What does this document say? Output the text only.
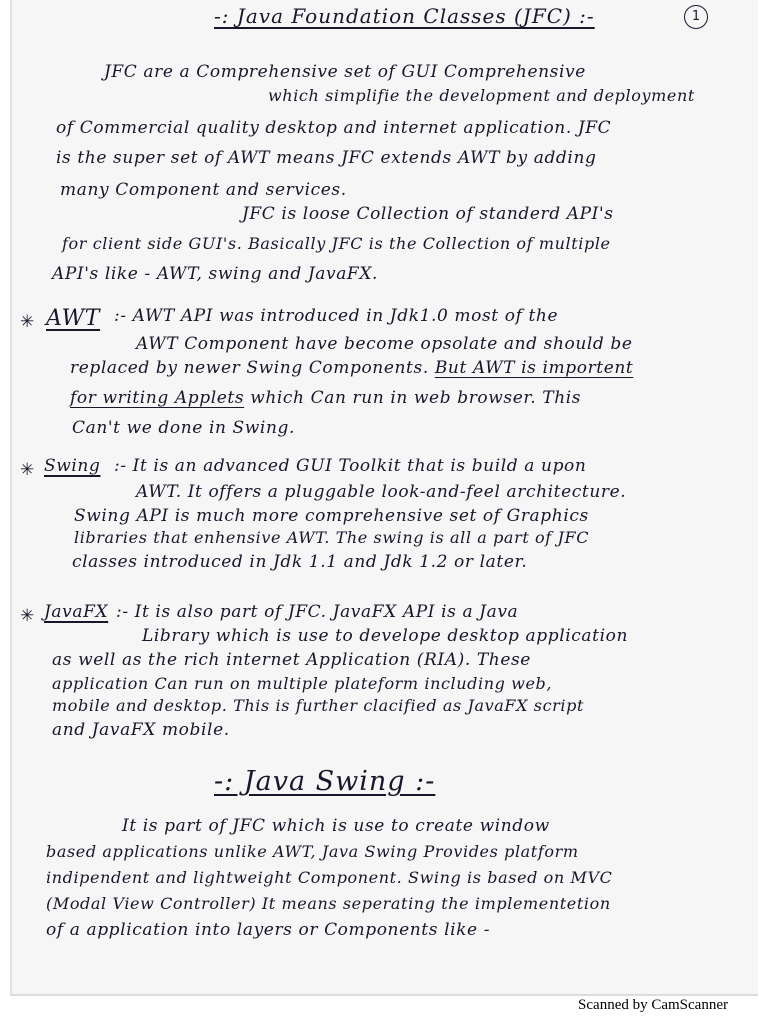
-: Java Foundation Classes (JFC) :-	1
JFC are a Comprehensive set of GUI Comprehensive
which simplifie the development and deployment
of Commercial quality desktop and internet application. JFC
is the super set of AWT means JFC extends AWT by adding
many Component and services.
JFC is loose Collection of standerd API's
for client side GUI's. Basically JFC is the Collection of multiple
API's like - AWT, swing and JavaFX.
✳ AWT :- AWT API was introduced in Jdk1.0 most of the
AWT Component have become opsolate and should be
replaced by newer Swing Components. But AWT is importent
for writing Applets which Can run in web browser. This
Can't we done in Swing.
✳ Swing :- It is an advanced GUI Toolkit that is build a upon
AWT. It offers a pluggable look-and-feel architecture.
Swing API is much more comprehensive set of Graphics
libraries that enhensive AWT. The swing is all a part of JFC
classes introduced in Jdk 1.1 and Jdk 1.2 or later.
✳ JavaFX :- It is also part of JFC. JavaFX API is a Java
Library which is use to develope desktop application
as well as the rich internet Application (RIA). These
application Can run on multiple plateform including web,
mobile and desktop. This is further clacified as JavaFX script
and JavaFX mobile.
-: Java Swing :-
It is part of JFC which is use to create window
based applications unlike AWT, Java Swing Provides platform
indipendent and lightweight Component. Swing is based on MVC
(Modal View Controller) It means seperating the implementetion
of a application into layers or Components like -
Scanned by CamScanner
